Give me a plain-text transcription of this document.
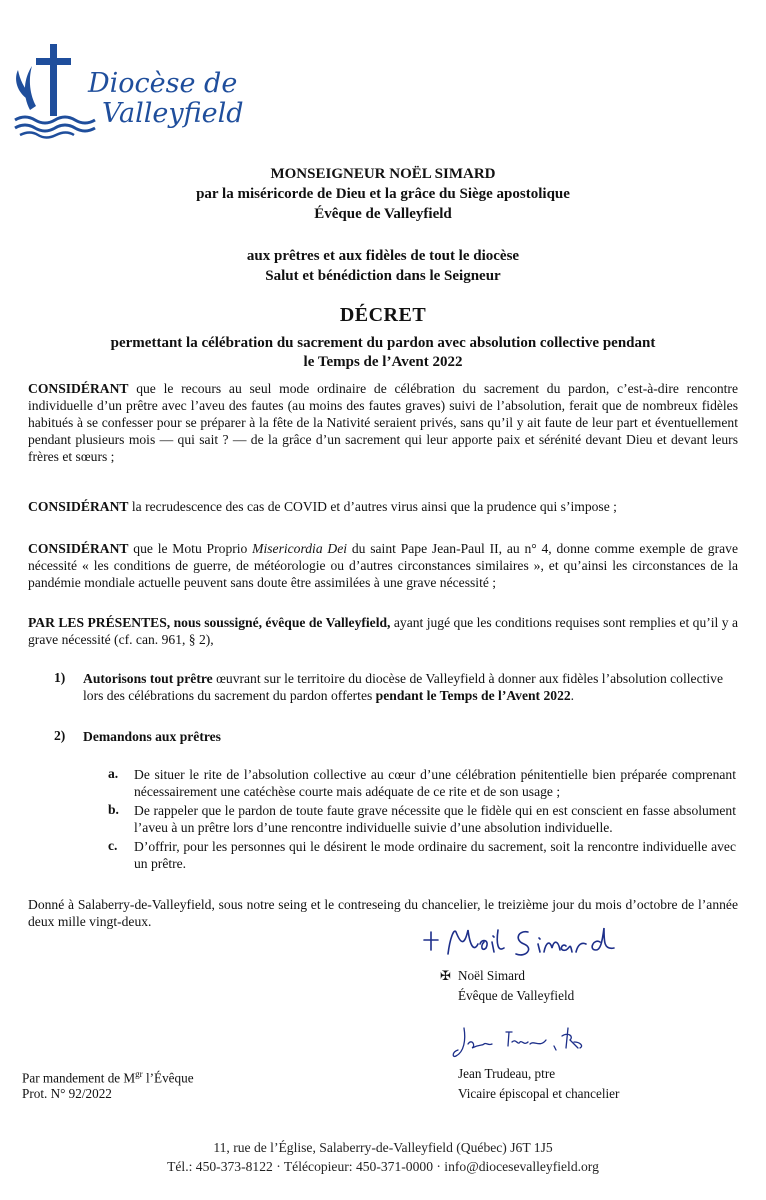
Diocèse de
Valleyfield
MONSEIGNEUR NOËL SIMARD
par la miséricorde de Dieu et la grâce du Siège apostolique
Évêque de Valleyfield
aux prêtres et aux fidèles de tout le diocèse
Salut et bénédiction dans le Seigneur
DÉCRET
permettant la célébration du sacrement du pardon avec absolution collective pendant
le Temps de l’Avent 2022
CONSIDÉRANT que le recours au seul mode ordinaire de célébration du sacrement du pardon, c’est-à-dire rencontre individuelle d’un prêtre avec l’aveu des fautes (au moins des fautes graves) suivi de l’absolution, ferait que de nombreux fidèles habitués à se confesser pour se préparer à la fête de la Nativité seraient privés, sans qu’il y ait faute de leur part et éventuellement pendant plusieurs mois — qui sait ? — de la grâce d’un sacrement qui leur apporte paix et sérénité devant Dieu et devant leurs frères et sœurs ;
CONSIDÉRANT la recrudescence des cas de COVID et d’autres virus ainsi que la prudence qui s’impose ;
CONSIDÉRANT que le Motu Proprio Misericordia Dei du saint Pape Jean-Paul II, au n° 4, donne comme exemple de grave nécessité « les conditions de guerre, de météorologie ou d’autres circonstances similaires », et qu’ainsi les circonstances de la pandémie mondiale actuelle peuvent sans doute être assimilées à une grave nécessité ;
PAR LES PRÉSENTES, nous soussigné, évêque de Valleyfield, ayant jugé que les conditions requises sont remplies et qu’il y a grave nécessité (cf. can. 961, § 2),
1) Autorisons tout prêtre œuvrant sur le territoire du diocèse de Valleyfield à donner aux fidèles l’absolution collective lors des célébrations du sacrement du pardon offertes pendant le Temps de l’Avent 2022.
2) Demandons aux prêtres
a. De situer le rite de l’absolution collective au cœur d’une célébration pénitentielle bien préparée comprenant nécessairement une catéchèse courte mais adéquate de ce rite et de son usage ;
b. De rappeler que le pardon de toute faute grave nécessite que le fidèle qui en est conscient en fasse absolument l’aveu à un prêtre lors d’une rencontre individuelle suivie d’une absolution individuelle.
c. D’offrir, pour les personnes qui le désirent le mode ordinaire du sacrement, soit la rencontre individuelle avec un prêtre.
Donné à Salaberry-de-Valleyfield, sous notre seing et le contreseing du chancelier, le treizième jour du mois d’octobre de l’année deux mille vingt-deux.
✠ Noël Simard
Évêque de Valleyfield
Jean Trudeau, ptre
Vicaire épiscopal et chancelier
Par mandement de $M^{gr}$ l’Évêque
Prot. N° 92/2022
11, rue de l’Église, Salaberry-de-Valleyfield (Québec) J6T 1J5
Tél.: 450-373-8122 · Télécopieur: 450-371-0000 · info@diocesevalleyfield.org
